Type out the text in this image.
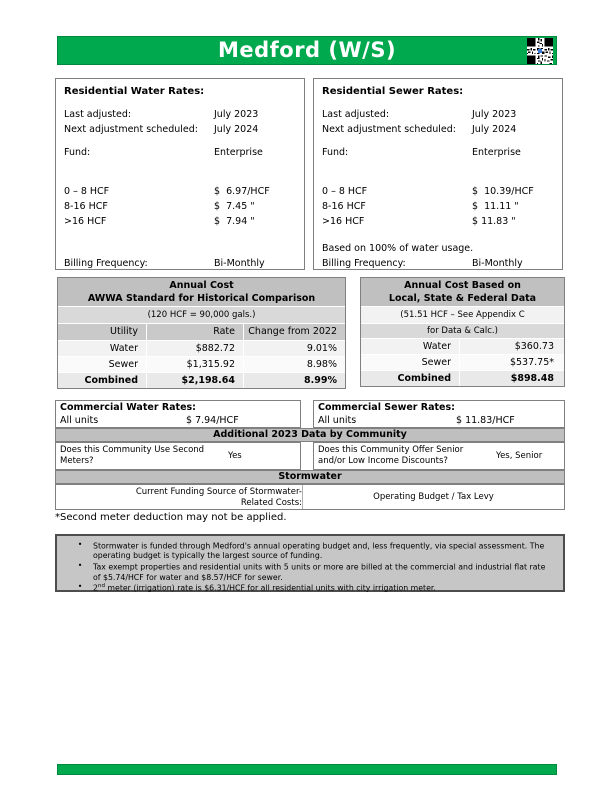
Medford (W/S)
Residential Water Rates:
Last adjusted:	July 2023
Next adjustment scheduled:	July 2024
Fund:	Enterprise
0 – 8 HCF	$  6.97/HCF
8-16 HCF	$  7.45 "
>16 HCF	$  7.94 "
Billing Frequency:	Bi-Monthly
Residential Sewer Rates:
Last adjusted:	July 2023
Next adjustment scheduled:	July 2024
Fund:	Enterprise
0 – 8 HCF	$  10.39/HCF
8-16 HCF	$  11.11 "
>16 HCF	$ 11.83 "
Based on 100% of water usage.
Billing Frequency:	Bi-Monthly
Annual Cost
AWWA Standard for Historical Comparison
(120 HCF = 90,000 gals.)
Utility	Rate	Change from 2022
Water	$882.72	9.01%
Sewer	$1,315.92	8.98%
Combined	$2,198.64	8.99%
Annual Cost Based on
Local, State & Federal Data
(51.51 HCF – See Appendix C
for Data & Calc.)
Water	$360.73
Sewer	$537.75*
Combined	$898.48
Commercial Water Rates:
All units	$ 7.94/HCF
Commercial Sewer Rates:
All units	$ 11.83/HCF
Additional 2023 Data by Community
Does this Community Use Second Meters?	Yes
Does this Community Offer Senior and/or Low Income Discounts?	Yes, Senior
Stormwater
Current Funding Source of Stormwater-Related Costs:
Operating Budget / Tax Levy
*Second meter deduction may not be applied.
•	Stormwater is funded through Medford's annual operating budget and, less frequently, via special assessment. The operating budget is typically the largest source of funding.
•	Tax exempt properties and residential units with 5 units or more are billed at the commercial and industrial flat rate of $5.74/HCF for water and $8.57/HCF for sewer.
•	2nd meter (irrigation) rate is $6.31/HCF for all residential units with city irrigation meter.
